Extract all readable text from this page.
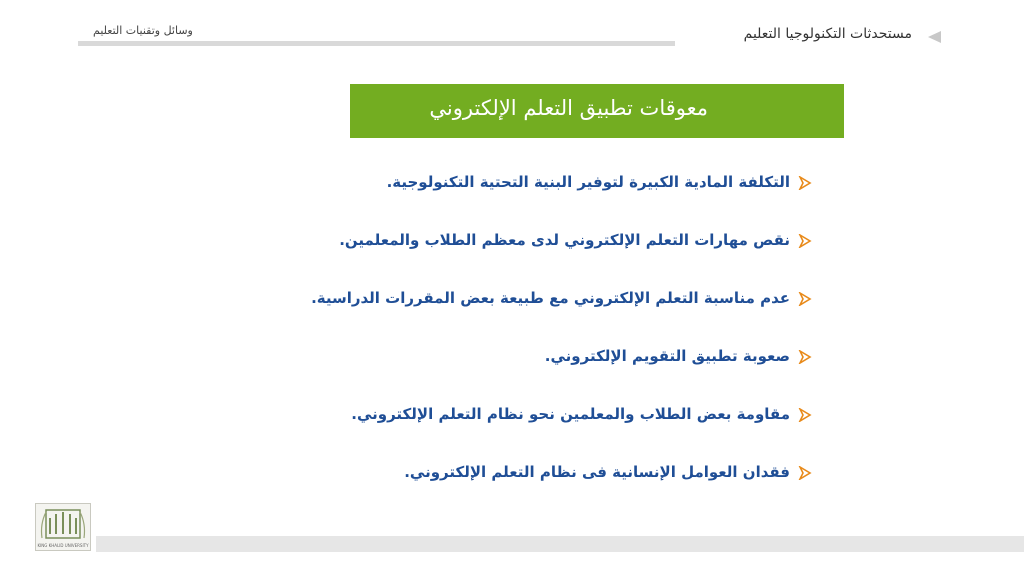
مستحدثات التكنولوجيا التعليم
وسائل وتقنيات التعليم
معوقات تطبيق التعلم الإلكتروني
التكلفة المادية الكبيرة لتوفير البنية التحتية التكنولوجية.
نقص مهارات التعلم الإلكتروني لدى معظم الطلاب والمعلمين.
عدم مناسبة التعلم الإلكتروني مع طبيعة بعض المقررات الدراسية.
صعوبة تطبيق التقويم الإلكتروني.
مقاومة بعض الطلاب والمعلمين نحو نظام التعلم الإلكتروني.
فقدان العوامل الإنسانية فى نظام التعلم الإلكتروني.
KING KHALID UNIVERSITY
